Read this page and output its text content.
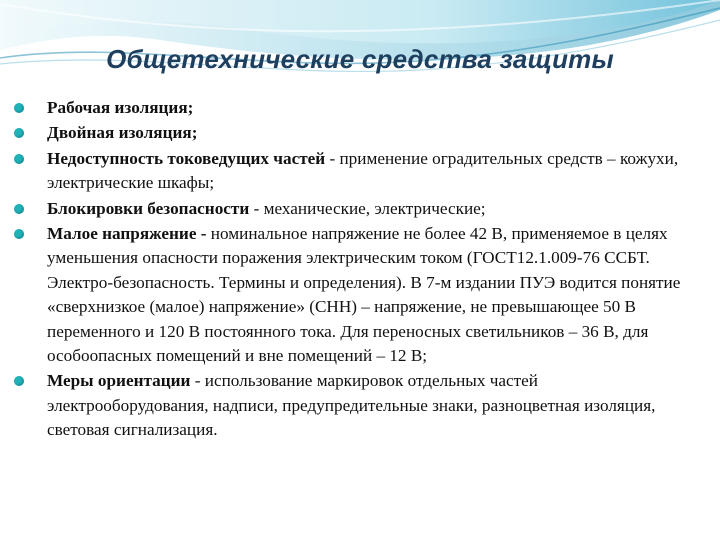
Общетехнические средства защиты
Рабочая изоляция;
Двойная изоляция;
Недоступность токоведущих частей - применение оградительных средств – кожухи, электрические шкафы;
Блокировки безопасности - механические, электрические;
Малое напряжение - номинальное напряжение не более 42 В, применяемое в целях уменьшения опасности поражения электрическим током (ГОСТ12.1.009-76 ССБТ. Электро-безопасность. Термины и определения). В 7-м издании ПУЭ водится понятие «сверхнизкое (малое) напряжение» (СНН) – напряжение, не превышающее 50 В переменного и 120 В постоянного тока. Для переносных светильников – 36 В, для особоопасных помещений и вне помещений – 12 В;
Меры ориентации - использование маркировок отдельных частей электрооборудования, надписи, предупредительные знаки, разноцветная изоляция, световая сигнализация.
